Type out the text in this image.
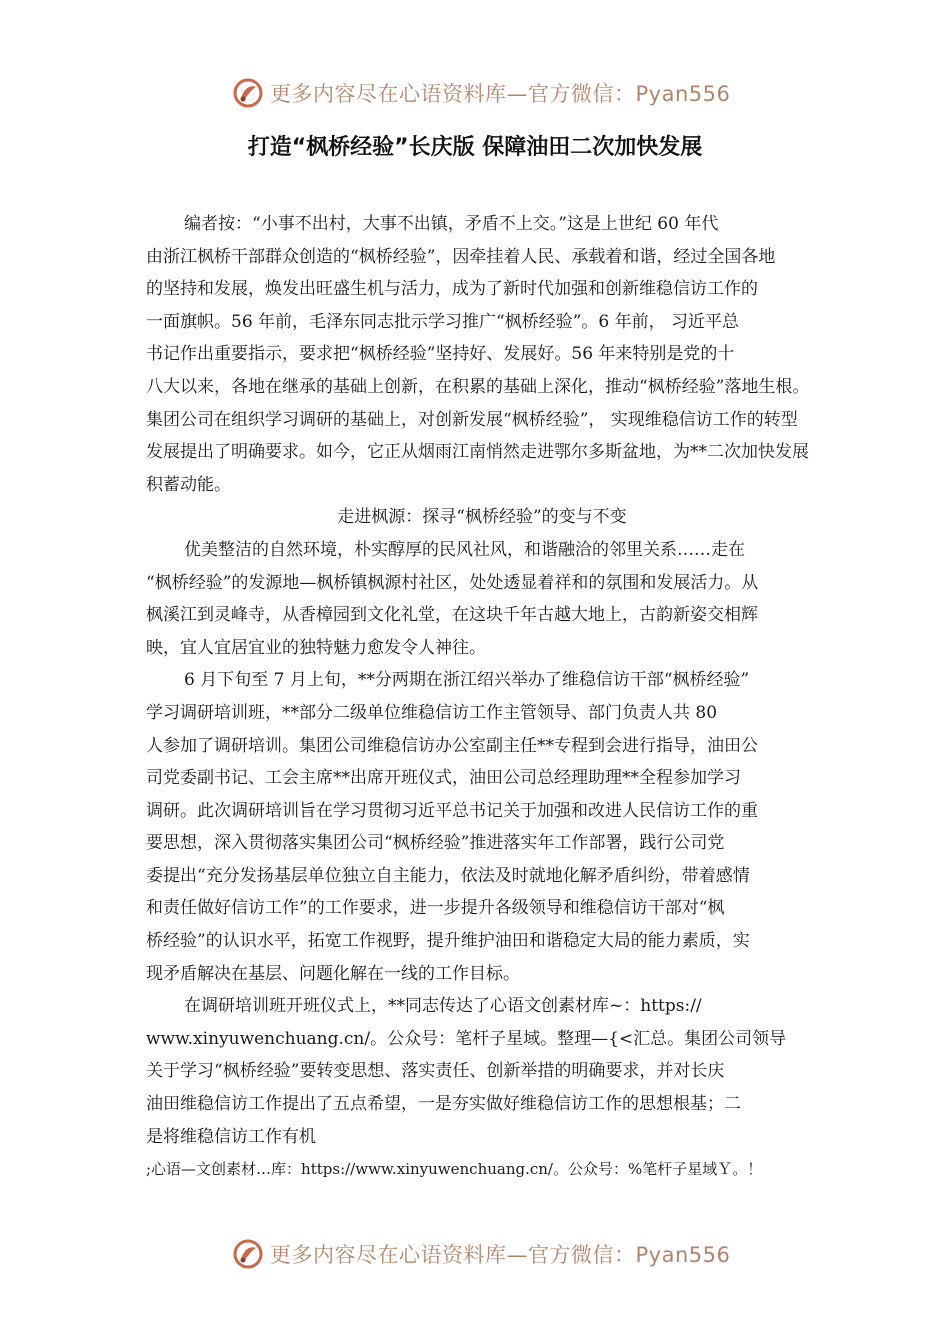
更多内容尽在心语资料库—官方微信：Pyan556
打造“枫桥经验”长庆版 保障油田二次加快发展
编者按：“小事不出村，大事不出镇，矛盾不上交。”这是上世纪 60 年代
由浙江枫桥干部群众创造的“枫桥经验”，因牵挂着人民、承载着和谐，经过全国各地
的坚持和发展，焕发出旺盛生机与活力，成为了新时代加强和创新维稳信访工作的
一面旗帜。56 年前，毛泽东同志批示学习推广“枫桥经验”。6 年前， 习近平总
书记作出重要指示，要求把“枫桥经验”坚持好、发展好。56 年来特别是党的十
八大以来，各地在继承的基础上创新，在积累的基础上深化，推动“枫桥经验”落地生根。
集团公司在组织学习调研的基础上，对创新发展“枫桥经验”， 实现维稳信访工作的转型
发展提出了明确要求。如今，它正从烟雨江南悄然走进鄂尔多斯盆地，为**二次加快发展
积蓄动能。
走进枫源：探寻“枫桥经验”的变与不变
优美整洁的自然环境，朴实醇厚的民风社风，和谐融洽的邻里关系……走在
“枫桥经验”的发源地—枫桥镇枫源村社区，处处透显着祥和的氛围和发展活力。从
枫溪江到灵峰寺，从香樟园到文化礼堂，在这块千年古越大地上，古韵新姿交相辉
映，宜人宜居宜业的独特魅力愈发令人神往。
6 月下旬至 7 月上旬，**分两期在浙江绍兴举办了维稳信访干部“枫桥经验”
学习调研培训班，**部分二级单位维稳信访工作主管领导、部门负责人共 80
人参加了调研培训。集团公司维稳信访办公室副主任**专程到会进行指导，油田公
司党委副书记、工会主席**出席开班仪式，油田公司总经理助理**全程参加学习
调研。此次调研培训旨在学习贯彻习近平总书记关于加强和改进人民信访工作的重
要思想，深入贯彻落实集团公司“枫桥经验”推进落实年工作部署，践行公司党
委提出“充分发扬基层单位独立自主能力，依法及时就地化解矛盾纠纷，带着感情
和责任做好信访工作”的工作要求，进一步提升各级领导和维稳信访干部对“枫
桥经验”的认识水平，拓宽工作视野，提升维护油田和谐稳定大局的能力素质，实
现矛盾解决在基层、问题化解在一线的工作目标。
在调研培训班开班仪式上，**同志传达了心语文创素材库~：https://
www.xinyuwenchuang.cn/。公众号：笔杆子星域。整理—{<汇总。集团公司领导
关于学习“枫桥经验”要转变思想、落实责任、创新举措的明确要求，并对长庆
油田维稳信访工作提出了五点希望，一是夯实做好维稳信访工作的思想根基；二
是将维稳信访工作有机
;心语—文创素材…库：https://www.xinyuwenchuang.cn/。公众号：%笔杆子星域Ｙ。！
更多内容尽在心语资料库—官方微信：Pyan556
